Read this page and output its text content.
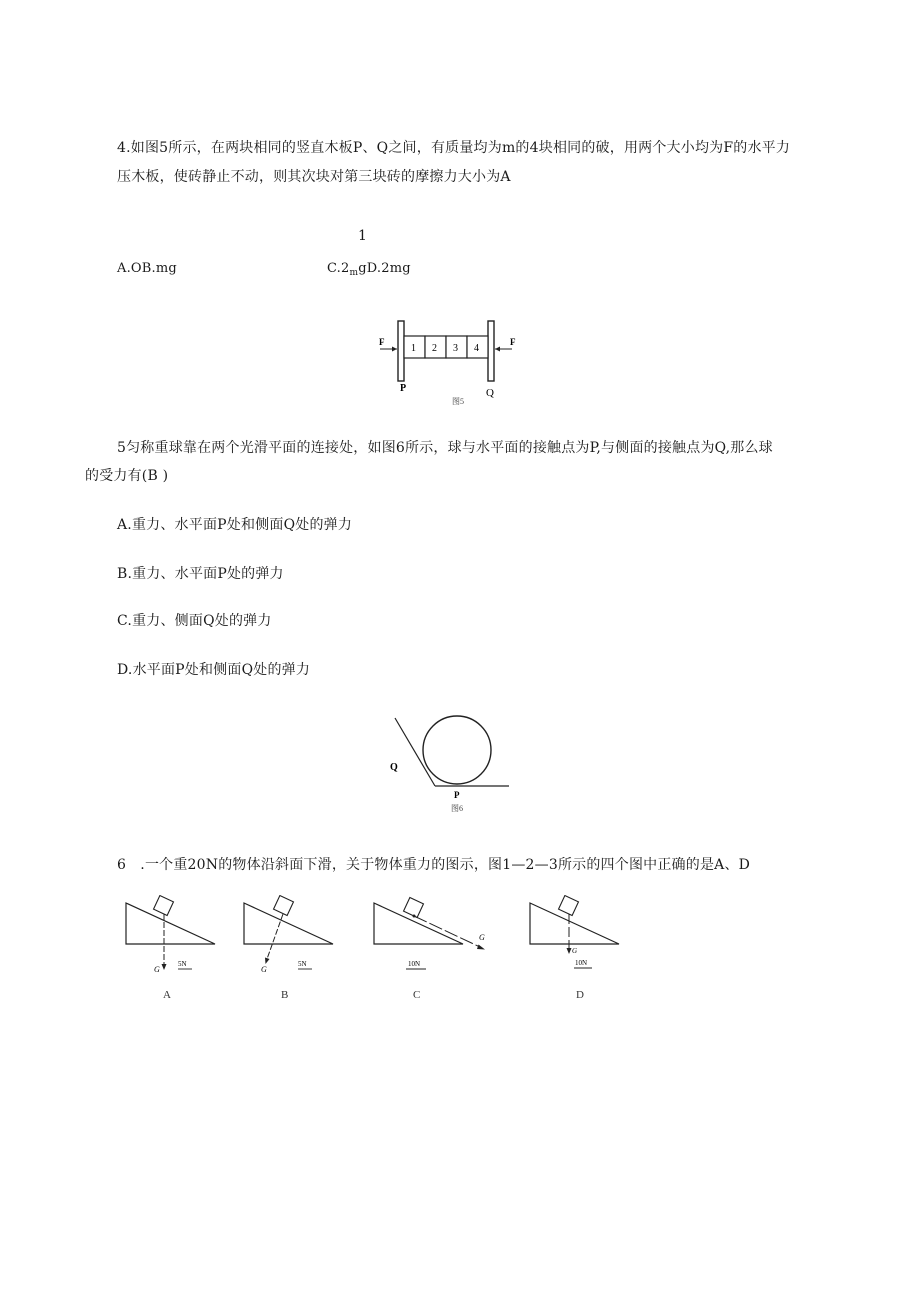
4.如图5所示，在两块相同的竖直木板P、Q之间，有质量均为m的4块相同的破，用两个大小均为F的水平力
压木板，使砖静止不动，则其次块对第三块砖的摩擦力大小为A
1
A.OB.mg	$C.2_mgD.2mg$
1 2 3 4
F	F
P	Q
图5
5匀称重球靠在两个光滑平面的连接处，如图6所示，球与水平面的接触点为P,与侧面的接触点为Q,那么球
的受力有(B )
A.重力、水平面P处和侧面Q处的弹力
B.重力、水平面P处的弹力
C.重力、侧面Q处的弹力
D.水平面P处和侧面Q处的弹力
Q
P
图6
6　.一个重20N的物体沿斜面下滑，关于物体重力的图示，图1—2—3所示的四个图中正确的是A、D
G
5N
A
G
5N
B
G
10N
C
G
10N
D
